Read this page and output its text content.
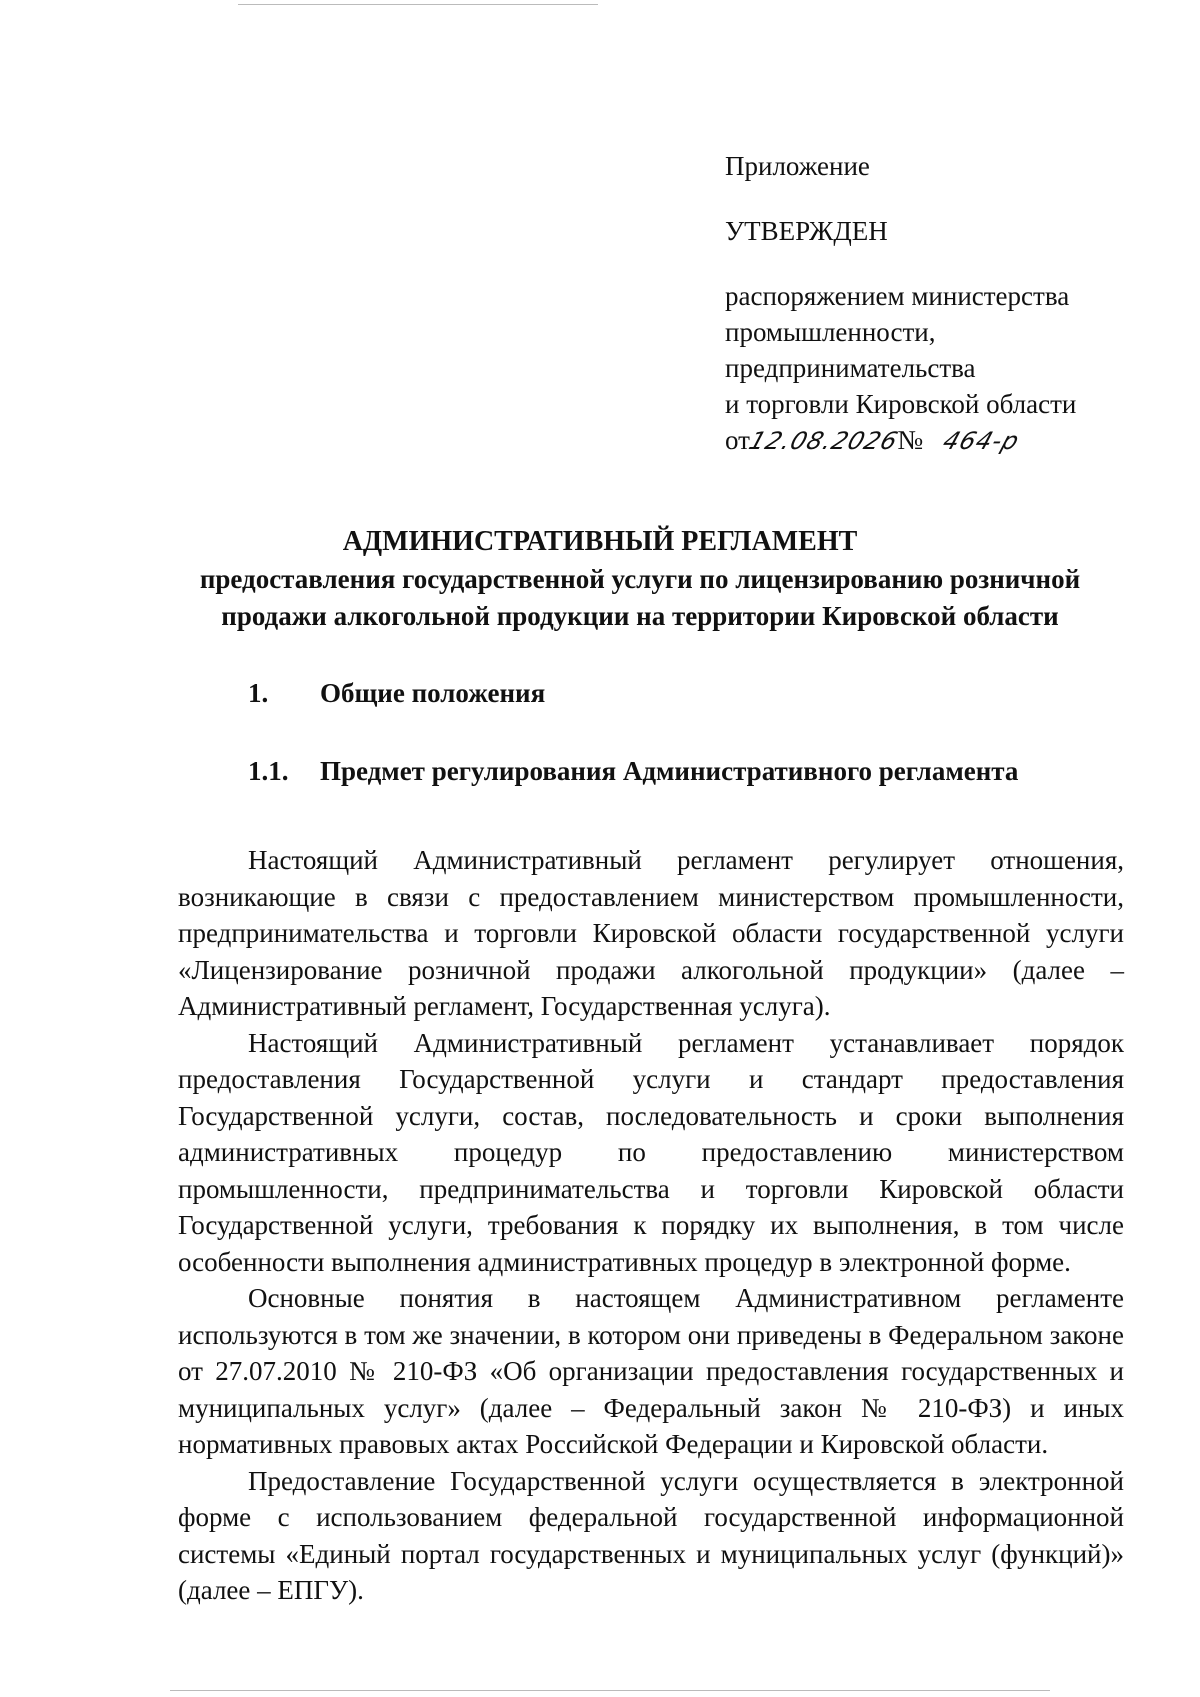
Приложение
УТВЕРЖДЕН
распоряжением министерства
промышленности,
предпринимательства
и торговли Кировской области
от12.08.2026№ 464-р
АДМИНИСТРАТИВНЫЙ РЕГЛАМЕНТ
предоставления государственной услуги по лицензированию розничной продажи алкогольной продукции на территории Кировской области
1. Общие положения
1.1. Предмет регулирования Административного регламента

Настоящий Административный регламент регулирует отношения, возникающие в связи с предоставлением министерством промышленности, предпринимательства и торговли Кировской области государственной услуги «Лицензирование розничной продажи алкогольной продукции» (далее – Административный регламент, Государственная услуга).

Настоящий Административный регламент устанавливает порядок предоставления Государственной услуги и стандарт предоставления Государственной услуги, состав, последовательность и сроки выполнения административных процедур по предоставлению министерством промышленности, предпринимательства и торговли Кировской области Государственной услуги, требования к порядку их выполнения, в том числе особенности выполнения административных процедур в электронной форме.

Основные понятия в настоящем Административном регламенте используются в том же значении, в котором они приведены в Федеральном законе от 27.07.2010 № 210-ФЗ «Об организации предоставления государственных и муниципальных услуг» (далее – Федеральный закон № 210-ФЗ) и иных нормативных правовых актах Российской Федерации и Кировской области.

Предоставление Государственной услуги осуществляется в электронной форме с использованием федеральной государственной информационной системы «Единый портал государственных и муниципальных услуг (функций)» (далее – ЕПГУ).
